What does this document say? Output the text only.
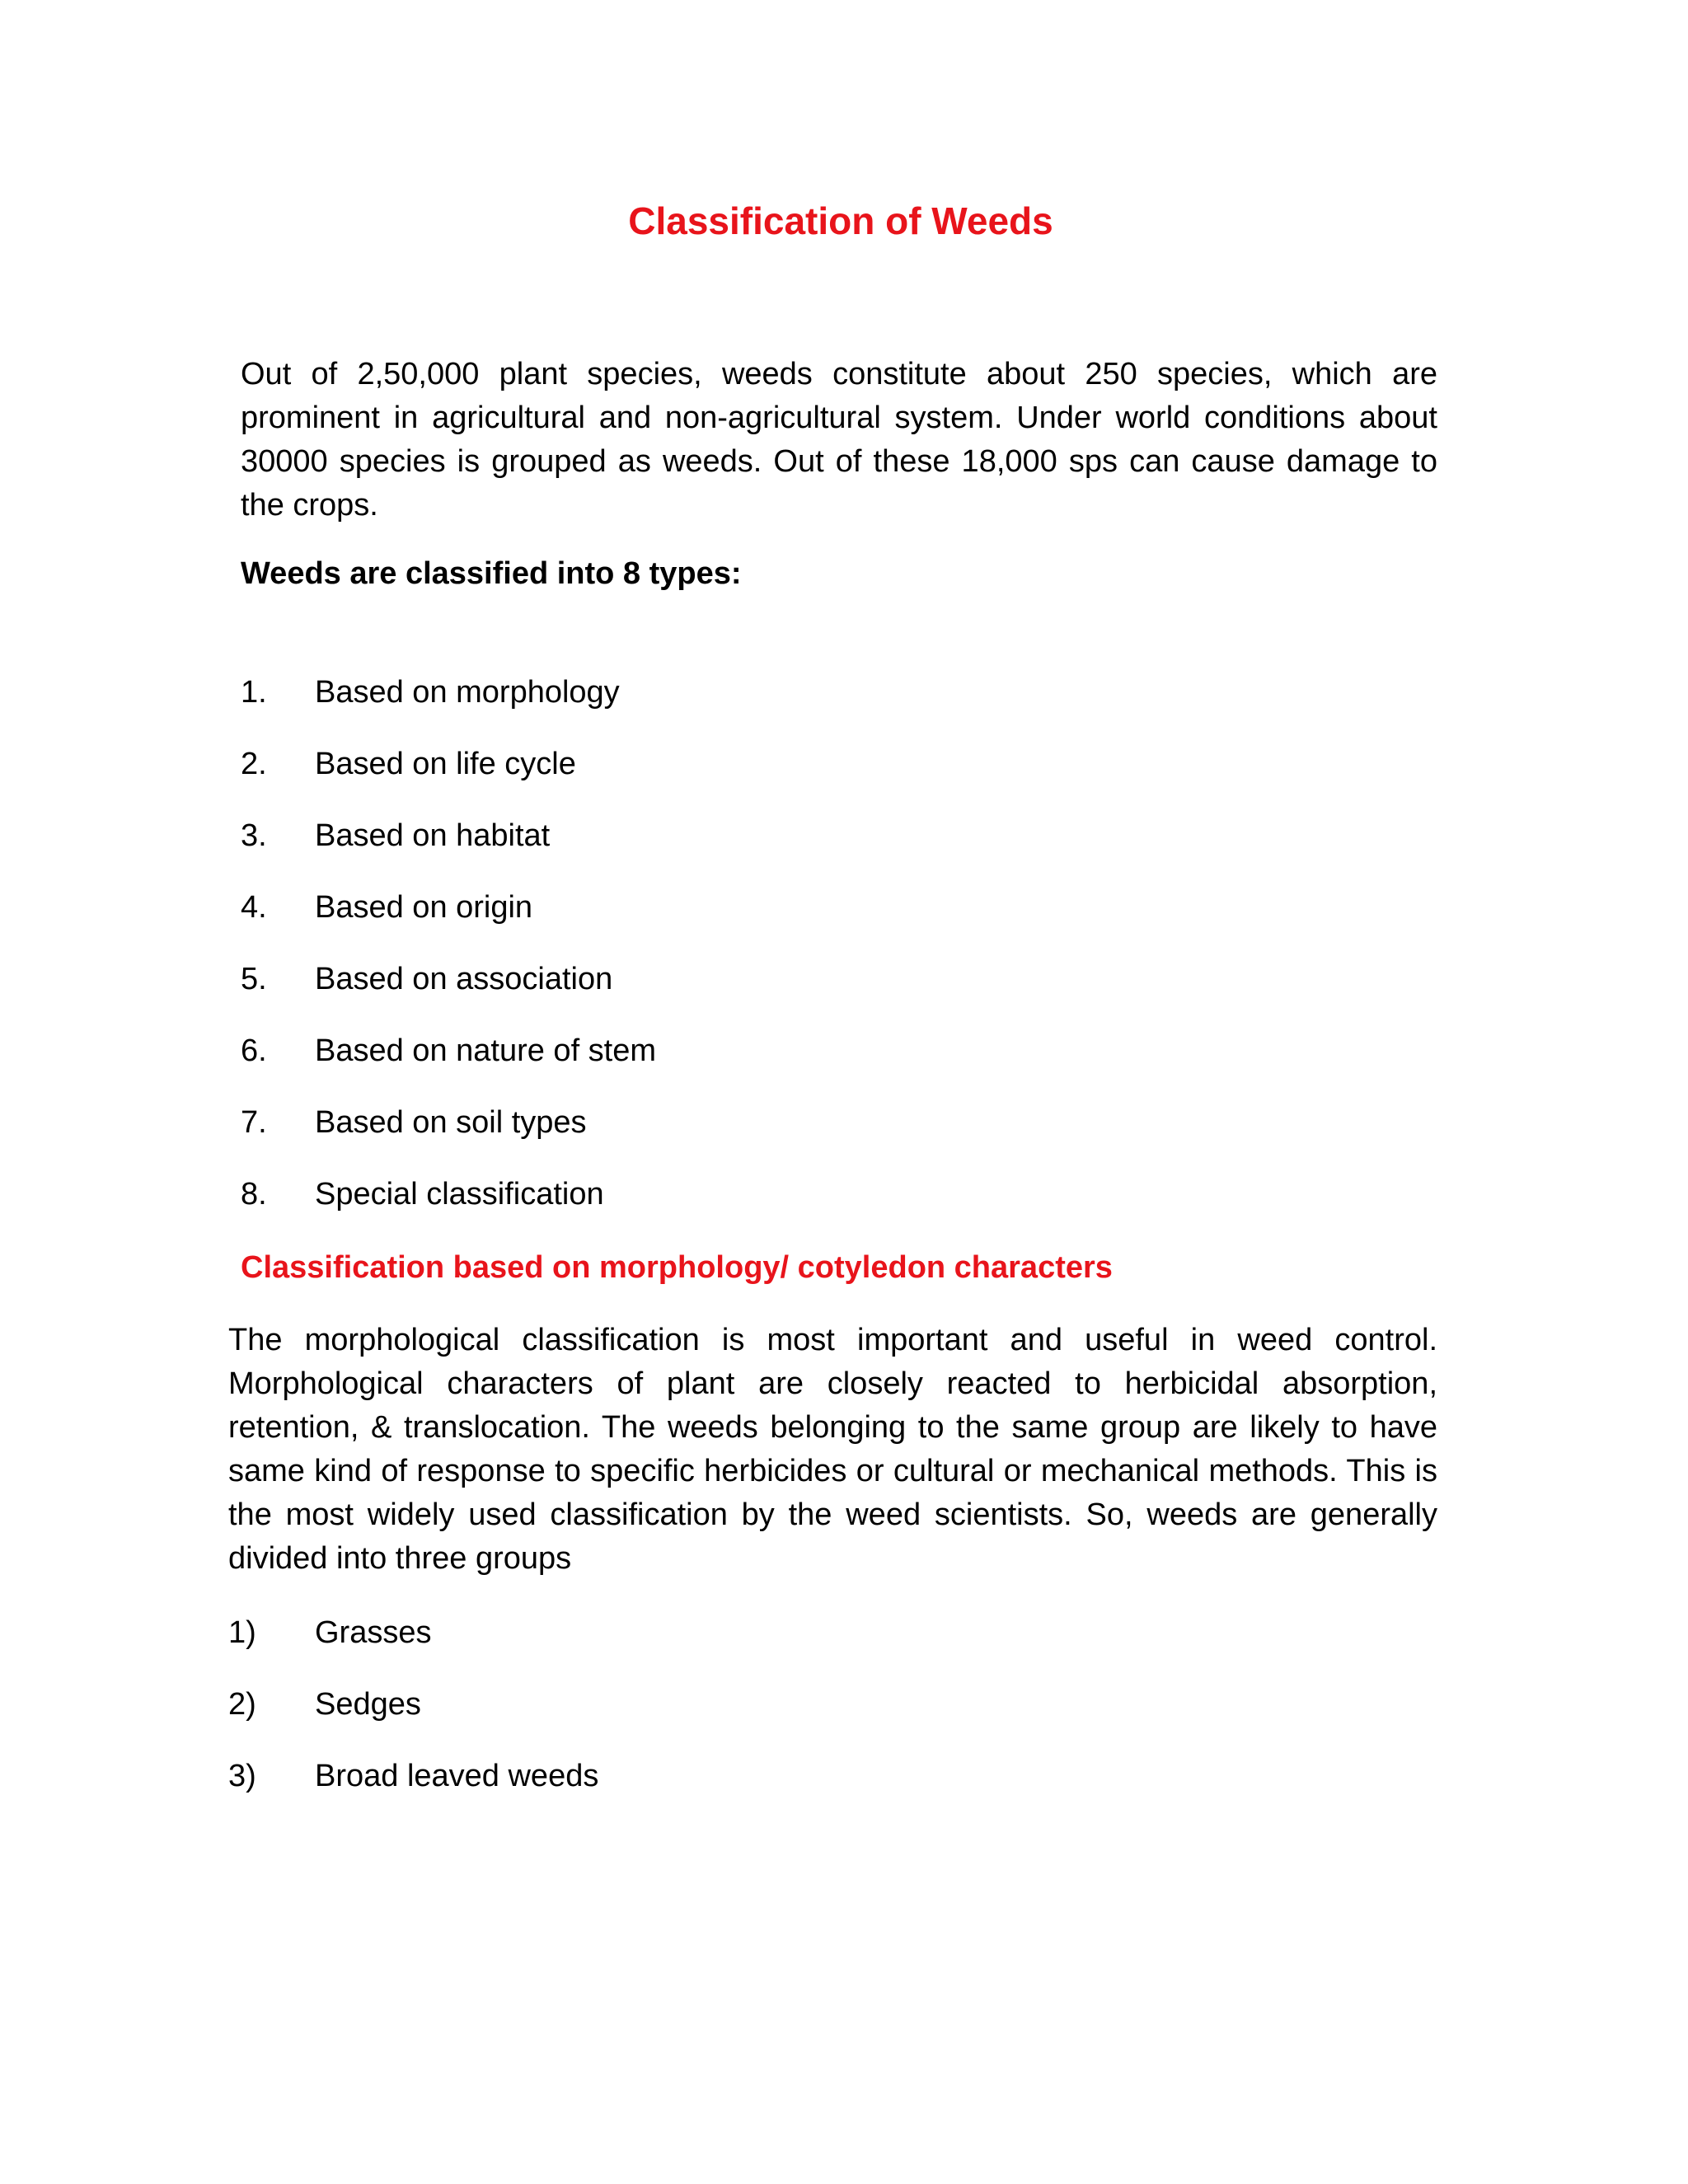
Classification of Weeds

Out of 2,50,000 plant species, weeds constitute about 250 species, which are prominent in agricultural and non-agricultural system. Under world conditions about 30000 species is grouped as weeds. Out of these 18,000 sps can cause damage to the crops.

Weeds are classified into 8 types:

1.	Based on morphology
2.	Based on life cycle
3.	Based on habitat
4.	Based on origin
5.	Based on association
6.	Based on nature of stem
7.	Based on soil types
8.	Special classification

Classification based on morphology/ cotyledon characters

The morphological classification is most important and useful in weed control. Morphological characters of plant are closely reacted to herbicidal absorption, retention, & translocation. The weeds belonging to the same group are likely to have same kind of response to specific herbicides or cultural or mechanical methods. This is the most widely used classification by the weed scientists. So, weeds are generally divided into three groups

1)	Grasses
2)	Sedges
3)	Broad leaved weeds
